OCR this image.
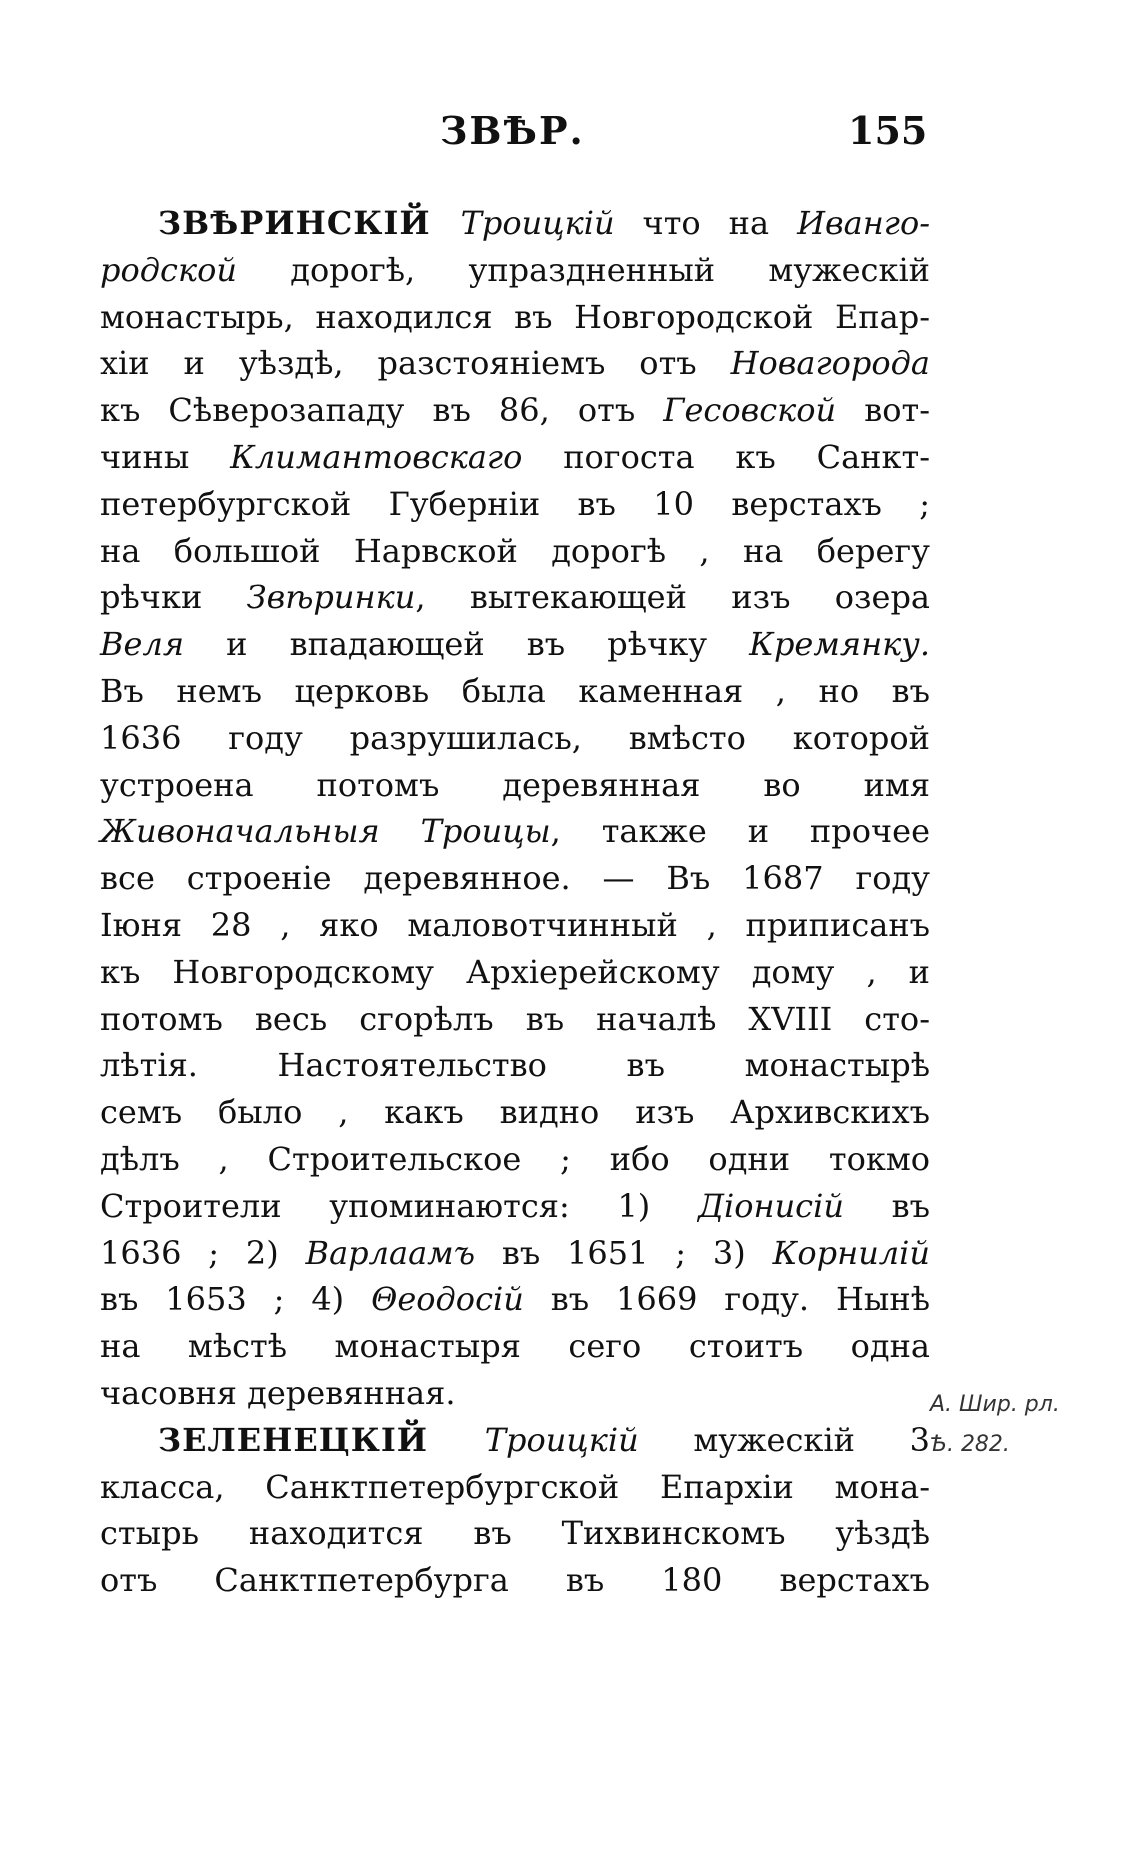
ЗВѢР.	155
ЗВѢРИНСКІЙ Троицкій что на Иванго-
родской дорогѣ, упраздненный мужескій
монастырь, находился въ Новгородской Епар-
хіи и уѣздѣ, разстояніемъ отъ Новагорода
къ Сѣверозападу въ 86, отъ Гесовской вот-
чины Климантовскаго погоста къ Санкт-
петербургской Губерніи въ 10 верстахъ ;
на большой Нарвской дорогѣ , на берегу
рѣчки Звѣринки, вытекающей изъ озера
Веля и впадающей въ рѣчку Кремянку.
Въ немъ церковь была каменная , но въ
1636 году разрушилась, вмѣсто которой
устроена потомъ деревянная во имя
Живоначальныя Троицы, также и прочее
все строеніе деревянное. — Въ 1687 году
Іюня 28 , яко маловотчинный , приписанъ
къ Новгородскому Архіерейскому дому , и
потомъ весь сгорѣлъ въ началѣ XVIII сто-
лѣтія. Настоятельство въ монастырѣ
семъ было , какъ видно изъ Архивскихъ
дѣлъ , Строительское ; ибо одни токмо
Строители упоминаются: 1) Діонисій въ
1636 ; 2) Варлаамъ въ 1651 ; 3) Корнилій
въ 1653 ; 4) Θеодосій въ 1669 году. Нынѣ
на мѣстѣ монастыря сего стоитъ одна
часовня деревянная.
ЗЕЛЕНЕЦКІЙ Троицкій мужескій 3
класса, Санктпетербургской Епархіи мона-
стырь находится въ Тихвинскомъ уѣздѣ
отъ Санктпетербурга въ 180 верстахъ
А. Шир. рл.
Ѣ. 282.
